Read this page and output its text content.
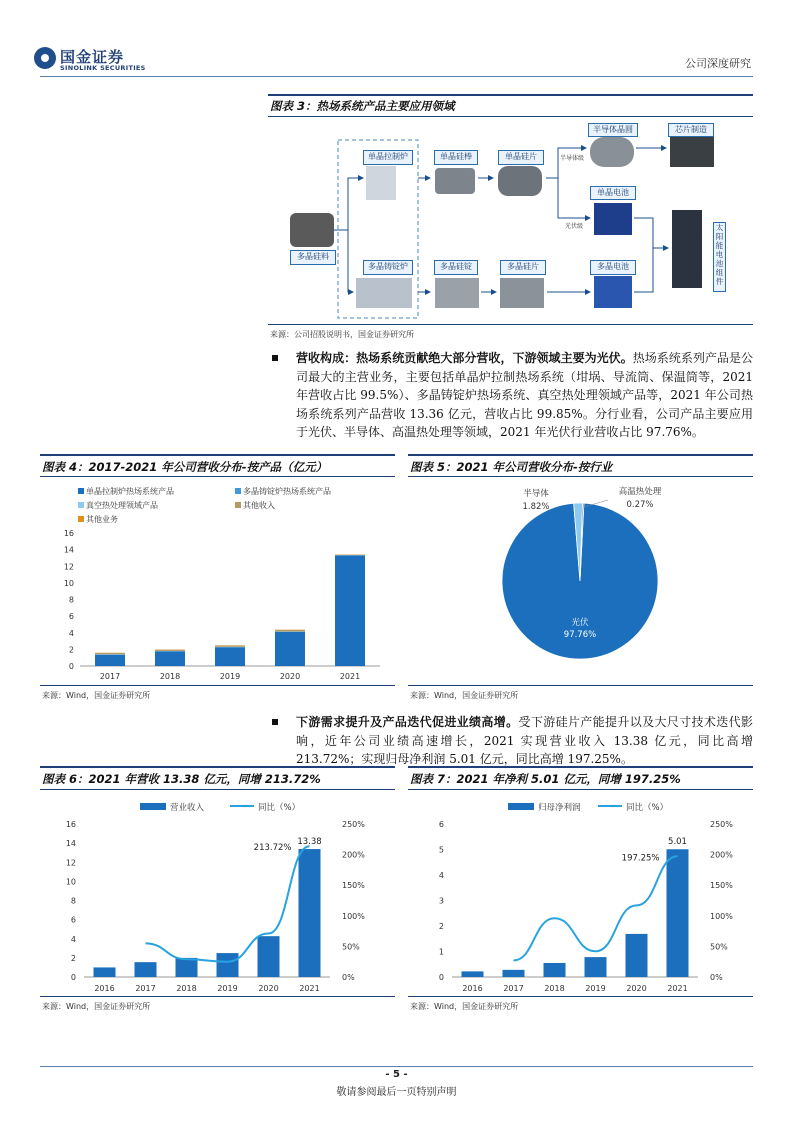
国金证券
SINOLINK SECURITIES	公司深度研究
图表 3：热场系统产品主要应用领域
多晶硅料
单晶拉制炉	单晶硅棒	单晶硅片
半导体晶圆	芯片制造
单晶电池
多晶铸锭炉	多晶硅锭	多晶硅片	多晶电池
太阳能电池组件
半导体级
光伏级
来源：公司招股说明书，国金证券研究所
营收构成：热场系统贡献绝大部分营收，下游领域主要为光伏。热场系统系列产品是公司最大的主营业务，主要包括单晶炉拉制热场系统（坩埚、导流筒、保温筒等，2021 年营收占比 99.5%）、多晶铸锭炉热场系统、真空热处理领域产品等，2021 年公司热场系统系列产品营收 13.36 亿元，营收占比 99.85%。分行业看，公司产品主要应用于光伏、半导体、高温热处理等领域，2021 年光伏行业营收占比 97.76%。
图表 4：2017-2021 年公司营收分布-按产品（亿元）
单晶拉制炉热场系统产品	多晶铸锭炉热场系统产品
真空热处理领域产品	其他收入
其他业务
0
2
4
6
8
10
12
14
16
2017	2018	2019	2020	2021
来源：Wind，国金证券研究所
图表 5：2021 年公司营收分布-按行业
光伏
97.76%
半导体
1.82%
高温热处理
0.27%
来源：Wind，国金证券研究所
下游需求提升及产品迭代促进业绩高增。受下游硅片产能提升以及大尺寸技术迭代影响，近年公司业绩高速增长，2021 实现营业收入 13.38 亿元，同比高增 213.72%；实现归母净利润 5.01 亿元，同比高增 197.25%。
图表 6：2021 年营收 13.38 亿元，同增 213.72%
营业收入	同比（%）
0
2
4
6
8
10
12
14
16
0%
50%
100%
150%
200%
250%
2016	2017	2018	2019	2020	2021
13.38
213.72%
来源：Wind，国金证券研究所
图表 7：2021 年净利 5.01 亿元，同增 197.25%
归母净利润	同比（%）
0
1
2
3
4
5
6
0%
50%
100%
150%
200%
250%
2016	2017	2018	2019	2020	2021
5.01
197.25%
来源：Wind，国金证券研究所
- 5 -
敬请参阅最后一页特别声明
